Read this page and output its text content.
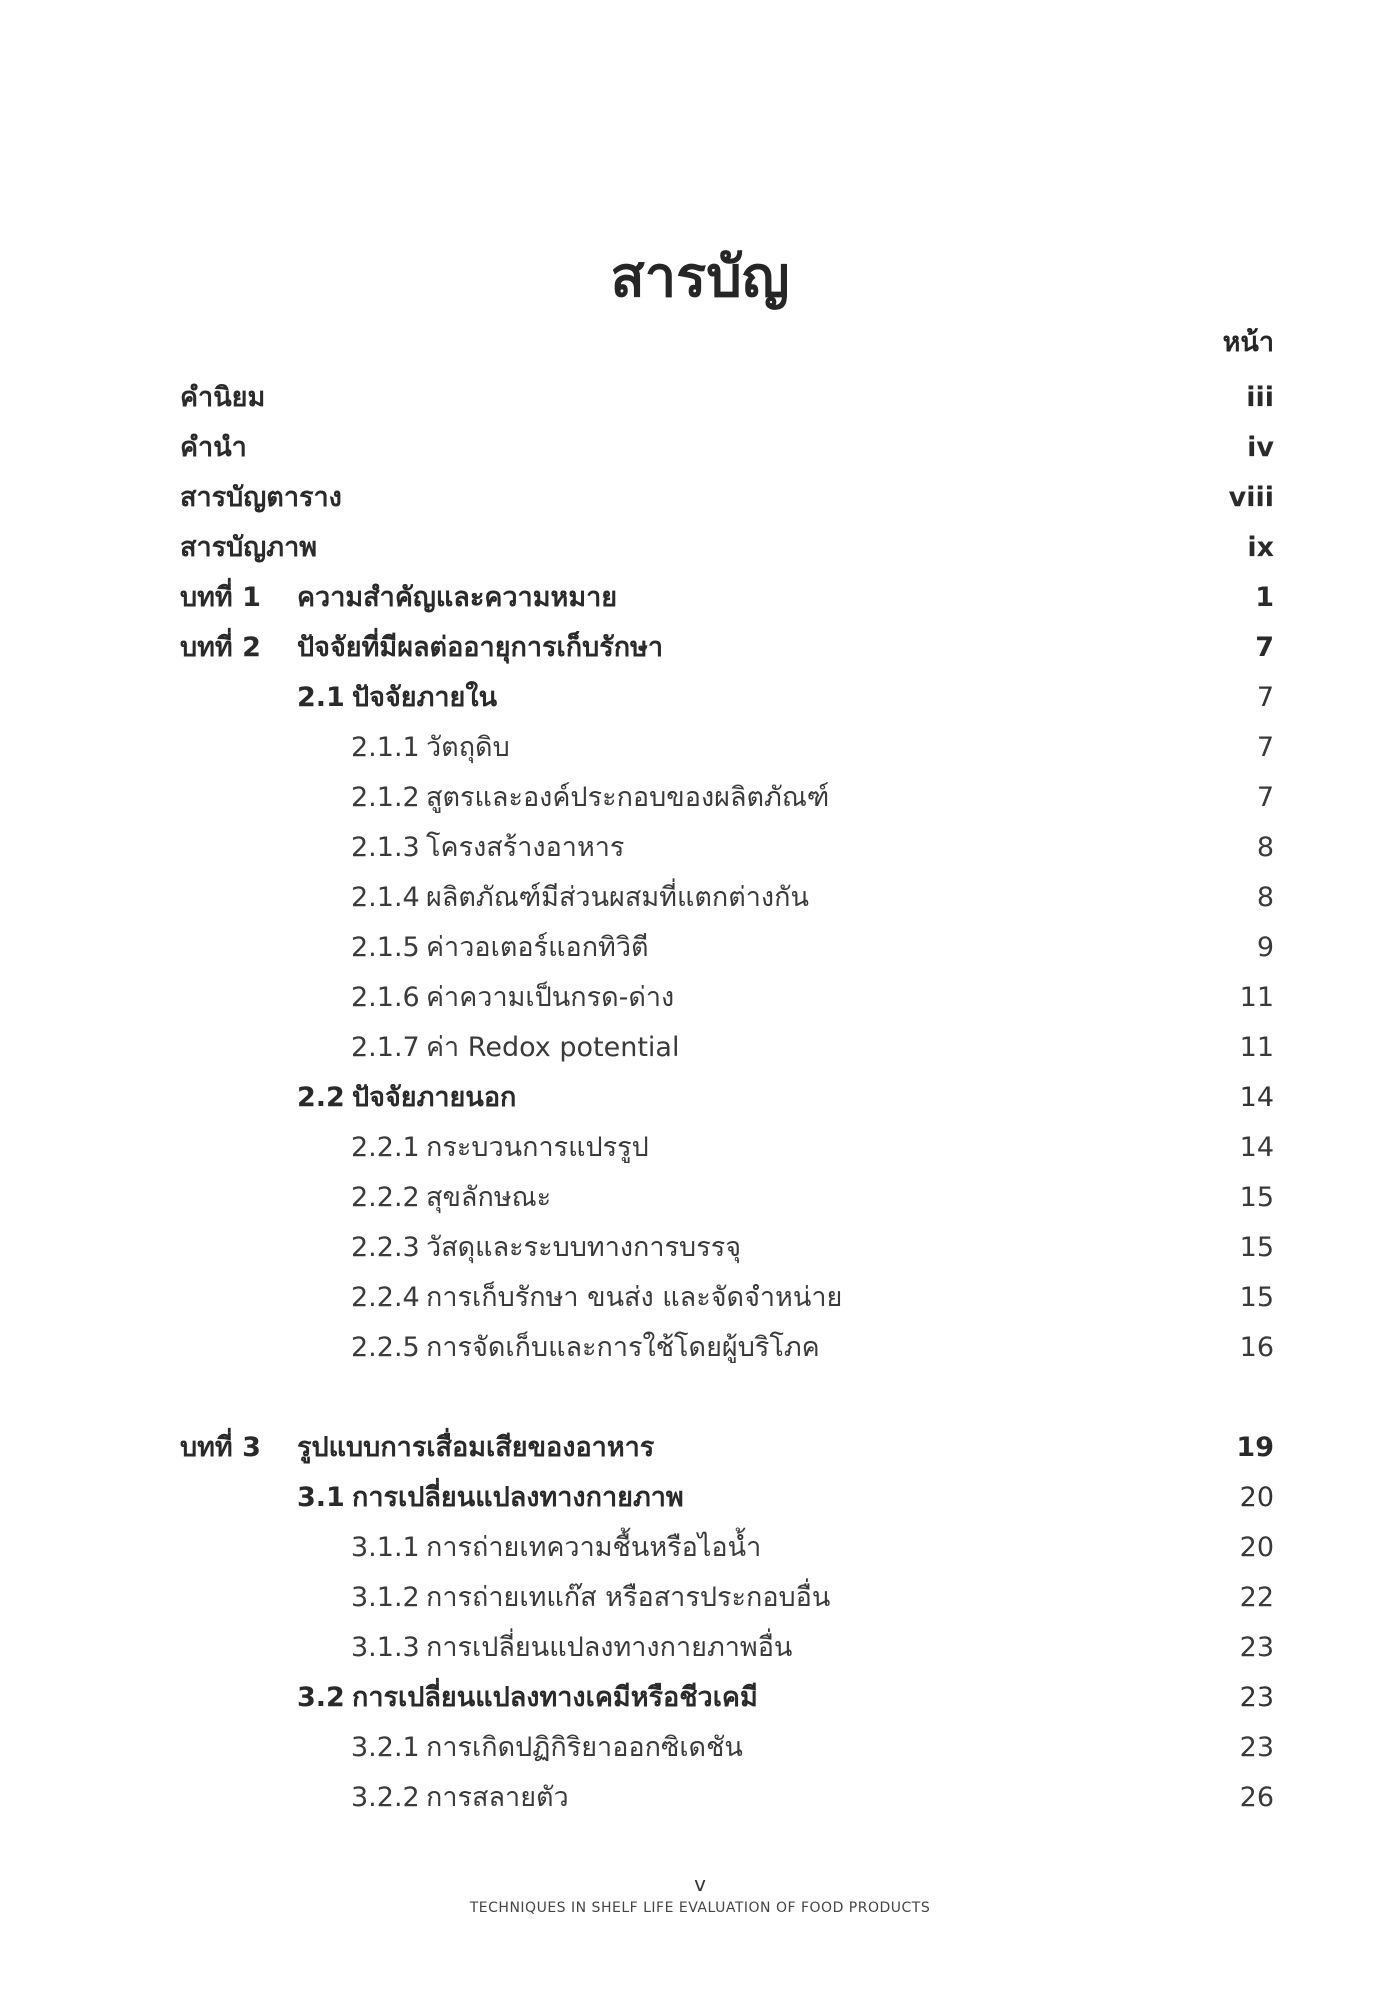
สารบัญ
หน้า
คำนิยม	iii
คำนำ	iv
สารบัญตาราง	viii
สารบัญภาพ	ix
บทที่ 1 ความสำคัญและความหมาย	1
บทที่ 2 ปัจจัยที่มีผลต่ออายุการเก็บรักษา	7
2.1 ปัจจัยภายใน	7
2.1.1 วัตถุดิบ	7
2.1.2 สูตรและองค์ประกอบของผลิตภัณฑ์	7
2.1.3 โครงสร้างอาหาร	8
2.1.4 ผลิตภัณฑ์มีส่วนผสมที่แตกต่างกัน	8
2.1.5 ค่าวอเตอร์แอกทิวิตี	9
2.1.6 ค่าความเป็นกรด-ด่าง	11
2.1.7 ค่า Redox potential	11
2.2 ปัจจัยภายนอก	14
2.2.1 กระบวนการแปรรูป	14
2.2.2 สุขลักษณะ	15
2.2.3 วัสดุและระบบทางการบรรจุ	15
2.2.4 การเก็บรักษา ขนส่ง และจัดจำหน่าย	15
2.2.5 การจัดเก็บและการใช้โดยผู้บริโภค	16
บทที่ 3 รูปแบบการเสื่อมเสียของอาหาร	19
3.1 การเปลี่ยนแปลงทางกายภาพ	20
3.1.1 การถ่ายเทความชื้นหรือไอน้ำ	20
3.1.2 การถ่ายเทแก๊ส หรือสารประกอบอื่น	22
3.1.3 การเปลี่ยนแปลงทางกายภาพอื่น	23
3.2 การเปลี่ยนแปลงทางเคมีหรือชีวเคมี	23
3.2.1 การเกิดปฏิกิริยาออกซิเดชัน	23
3.2.2 การสลายตัว	26
v
TECHNIQUES IN SHELF LIFE EVALUATION OF FOOD PRODUCTS
